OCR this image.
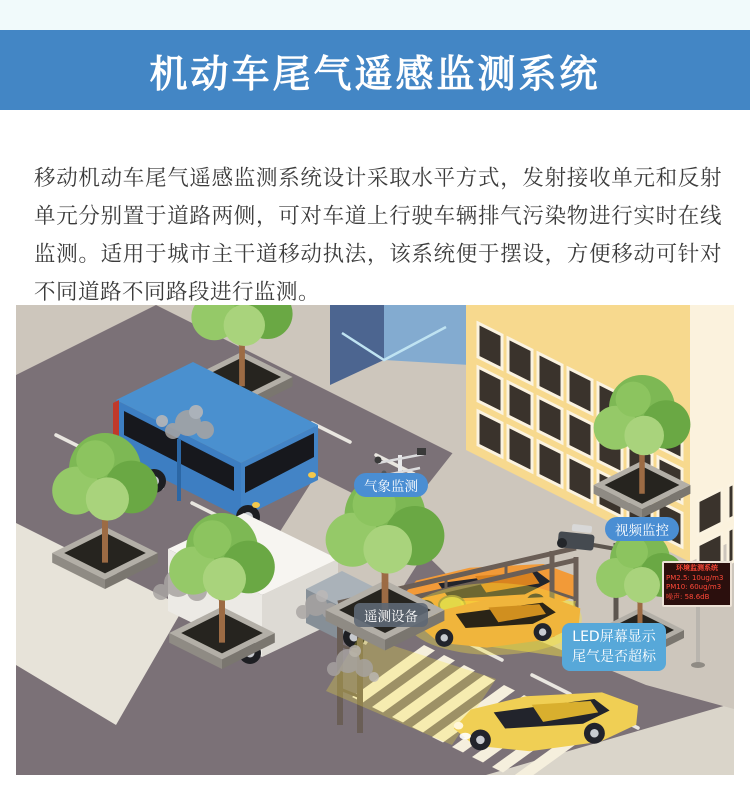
机动车尾气遥感监测系统

移动机动车尾气遥感监测系统设计采取水平方式，发射接收单元和反射单元分别置于道路两侧，可对车道上行驶车辆排气污染物进行实时在线监测。适用于城市主干道移动执法，该系统便于摆设，方便移动可针对不同道路不同路段进行监测。

气象监测
视频监控
遥测设备
LED屏幕显示
尾气是否超标
环境监测系统
PM2.5: 10ug/m3
PM10: 60ug/m3
噪声: 58.6dB
